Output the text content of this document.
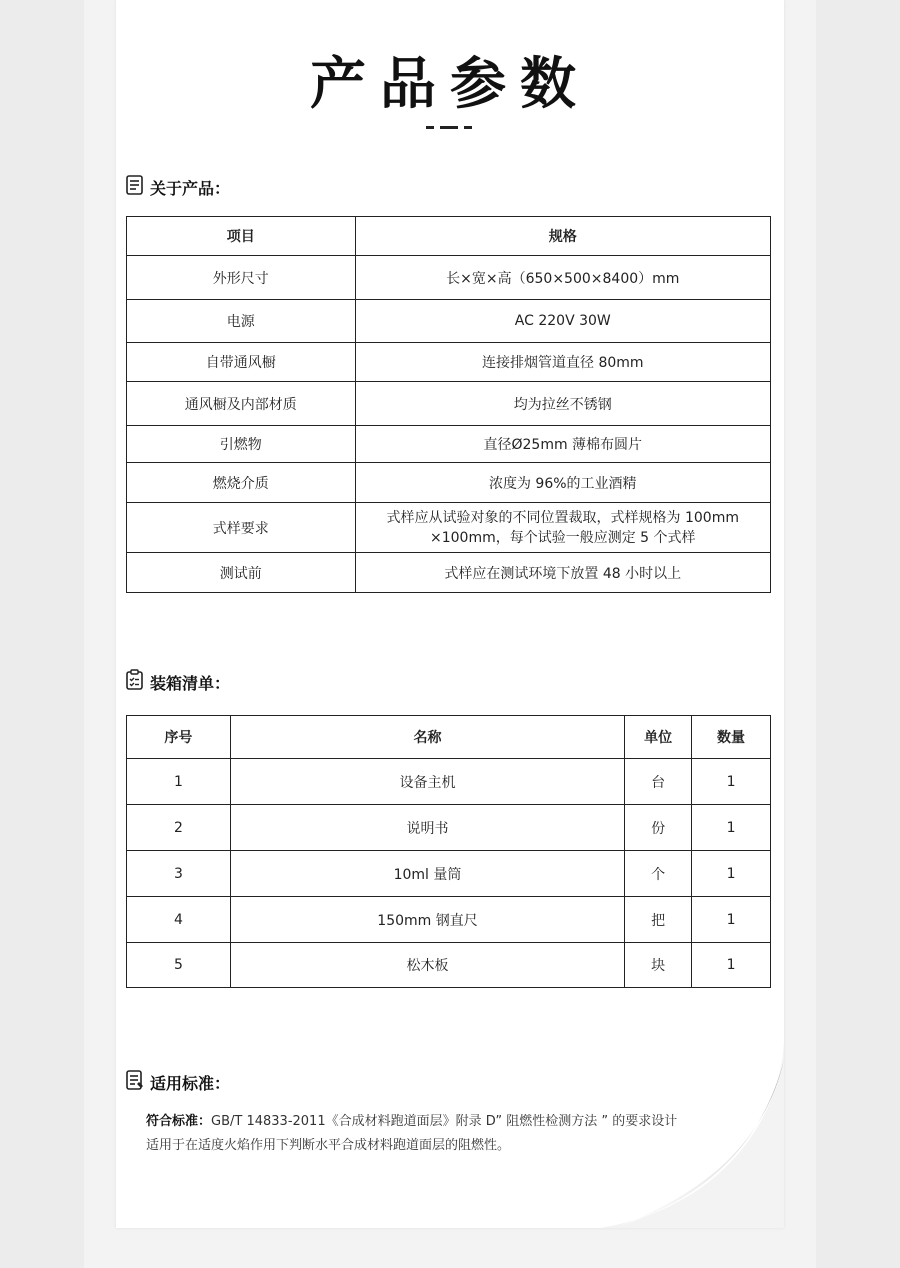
产品参数
关于产品：
项目	规格
外形尺寸	长×宽×高（650×500×8400）mm
电源	AC 220V 30W
自带通风橱	连接排烟管道直径 80mm
通风橱及内部材质	均为拉丝不锈钢
引燃物	直径Ø25mm 薄棉布圆片
燃烧介质	浓度为 96%的工业酒精
式样要求	式样应从试验对象的不同位置裁取，式样规格为 100mm ×100mm，每个试验一般应测定 5 个式样
测试前	式样应在测试环境下放置 48 小时以上
装箱清单：
序号	名称	单位	数量
1	设备主机	台	1
2	说明书	份	1
3	10ml 量筒	个	1
4	150mm 钢直尺	把	1
5	松木板	块	1
适用标准：
符合标准：GB/T 14833-2011《合成材料跑道面层》附录 D” 阻燃性检测方法 ” 的要求设计
适用于在适度火焰作用下判断水平合成材料跑道面层的阻燃性。
